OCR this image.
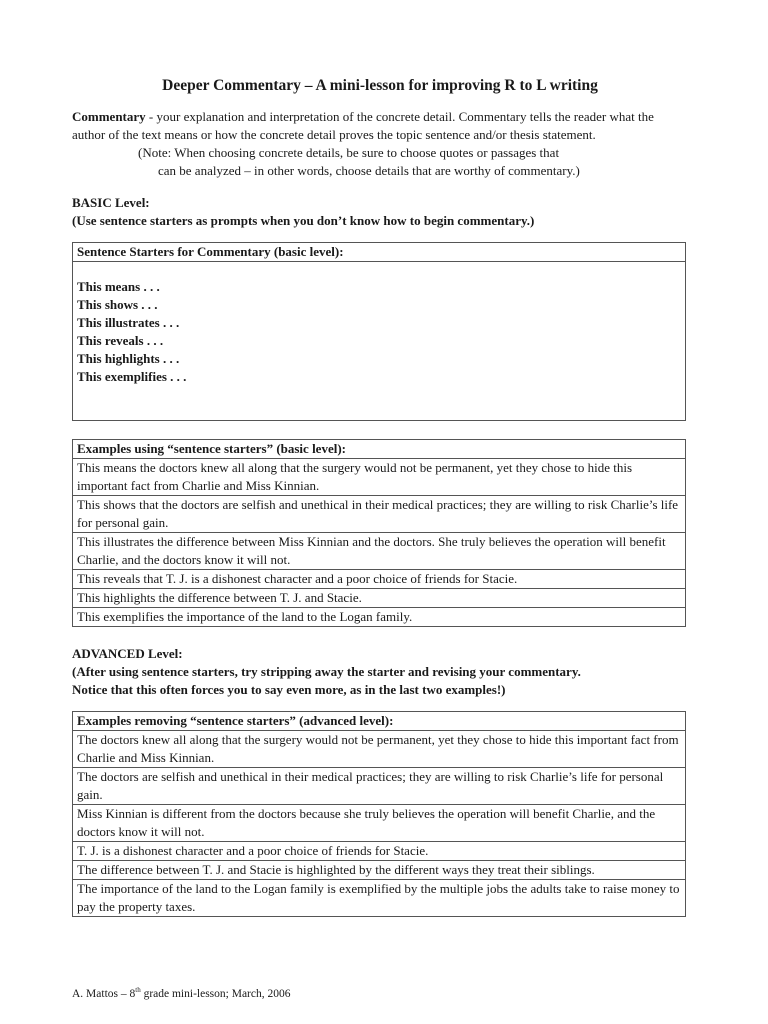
Deeper Commentary – A mini-lesson for improving R to L writing

Commentary - your explanation and interpretation of the concrete detail. Commentary tells the reader what the author of the text means or how the concrete detail proves the topic sentence and/or thesis statement.

(Note: When choosing concrete details, be sure to choose quotes or passages that
can be analyzed – in other words, choose details that are worthy of commentary.)

BASIC Level:
(Use sentence starters as prompts when you don’t know how to begin commentary.)
Sentence Starters for Commentary (basic level):

This means . . .
This shows . . .
This illustrates . . .
This reveals . . .
This highlights . . .
This exemplifies . . .
Examples using “sentence starters” (basic level):
This means the doctors knew all along that the surgery would not be permanent, yet they chose to hide this important fact from Charlie and Miss Kinnian.
This shows that the doctors are selfish and unethical in their medical practices; they are willing to risk Charlie’s life for personal gain.
This illustrates the difference between Miss Kinnian and the doctors. She truly believes the operation will benefit Charlie, and the doctors know it will not.
This reveals that T. J. is a dishonest character and a poor choice of friends for Stacie.
This highlights the difference between T. J. and Stacie.
This exemplifies the importance of the land to the Logan family.
ADVANCED Level:
(After using sentence starters, try stripping away the starter and revising your commentary.
Notice that this often forces you to say even more, as in the last two examples!)
Examples removing “sentence starters” (advanced level):
The doctors knew all along that the surgery would not be permanent, yet they chose to hide this important fact from Charlie and Miss Kinnian.
The doctors are selfish and unethical in their medical practices; they are willing to risk Charlie’s life for personal gain.
Miss Kinnian is different from the doctors because she truly believes the operation will benefit Charlie, and the doctors know it will not.
T. J. is a dishonest character and a poor choice of friends for Stacie.
The difference between T. J. and Stacie is highlighted by the different ways they treat their siblings.
The importance of the land to the Logan family is exemplified by the multiple jobs the adults take to raise money to pay the property taxes.
A. Mattos – 8th grade mini-lesson; March, 2006
